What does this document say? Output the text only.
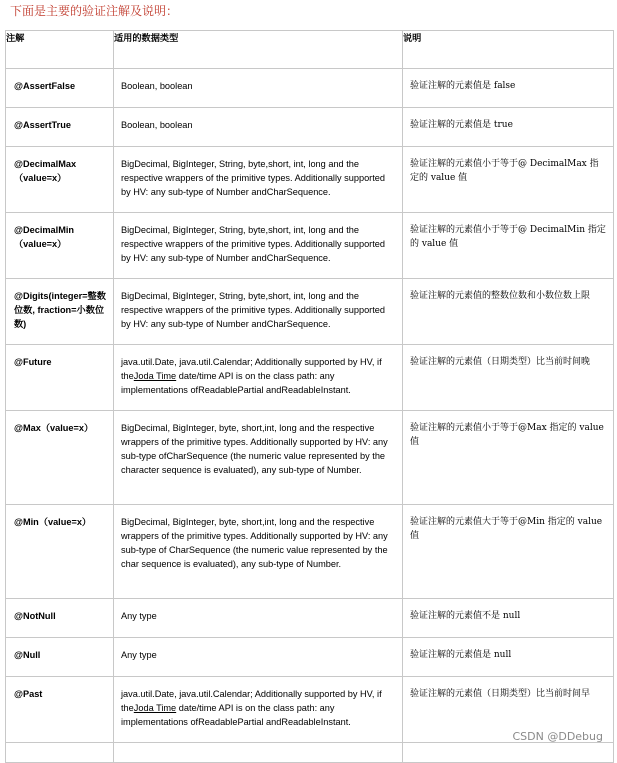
下面是主要的验证注解及说明：
注解	适用的数据类型	说明

@AssertFalse	Boolean, boolean	验证注解的元素值是 false

@AssertTrue	Boolean, boolean	验证注解的元素值是 true

@DecimalMax（value=x）	BigDecimal, BigInteger, String, byte,short, int, long and the respective wrappers of the primitive types. Additionally supported by HV: any sub-type of Number andCharSequence.	验证注解的元素值小于等于@ DecimalMax 指定的 value 值

@DecimalMin（value=x）	BigDecimal, BigInteger, String, byte,short, int, long and the respective wrappers of the primitive types. Additionally supported by HV: any sub-type of Number andCharSequence.	验证注解的元素值小于等于@ DecimalMin 指定的 value 值

@Digits(integer=整数位数, fraction=小数位数)	BigDecimal, BigInteger, String, byte,short, int, long and the respective wrappers of the primitive types. Additionally supported by HV: any sub-type of Number andCharSequence.	验证注解的元素值的整数位数和小数位数上限

@Future	java.util.Date, java.util.Calendar; Additionally supported by HV, if theJoda Time date/time API is on the class path: any implementations ofReadablePartial andReadableInstant.	验证注解的元素值（日期类型）比当前时间晚

@Max（value=x）	BigDecimal, BigInteger, byte, short,int, long and the respective wrappers of the primitive types. Additionally supported by HV: any sub-type ofCharSequence (the numeric value represented by the character sequence is evaluated), any sub-type of Number.	验证注解的元素值小于等于@Max 指定的 value 值

@Min（value=x）	BigDecimal, BigInteger, byte, short,int, long and the respective wrappers of the primitive types. Additionally supported by HV: any sub-type of CharSequence (the numeric value represented by the char sequence is evaluated), any sub-type of Number.	验证注解的元素值大于等于@Min 指定的 value 值

@NotNull	Any type	验证注解的元素值不是 null

@Null	Any type	验证注解的元素值是 null

@Past	java.util.Date, java.util.Calendar; Additionally supported by HV, if theJoda Time date/time API is on the class path: any implementations ofReadablePartial andReadableInstant.	验证注解的元素值（日期类型）比当前时间早

CSDN @DDebug
